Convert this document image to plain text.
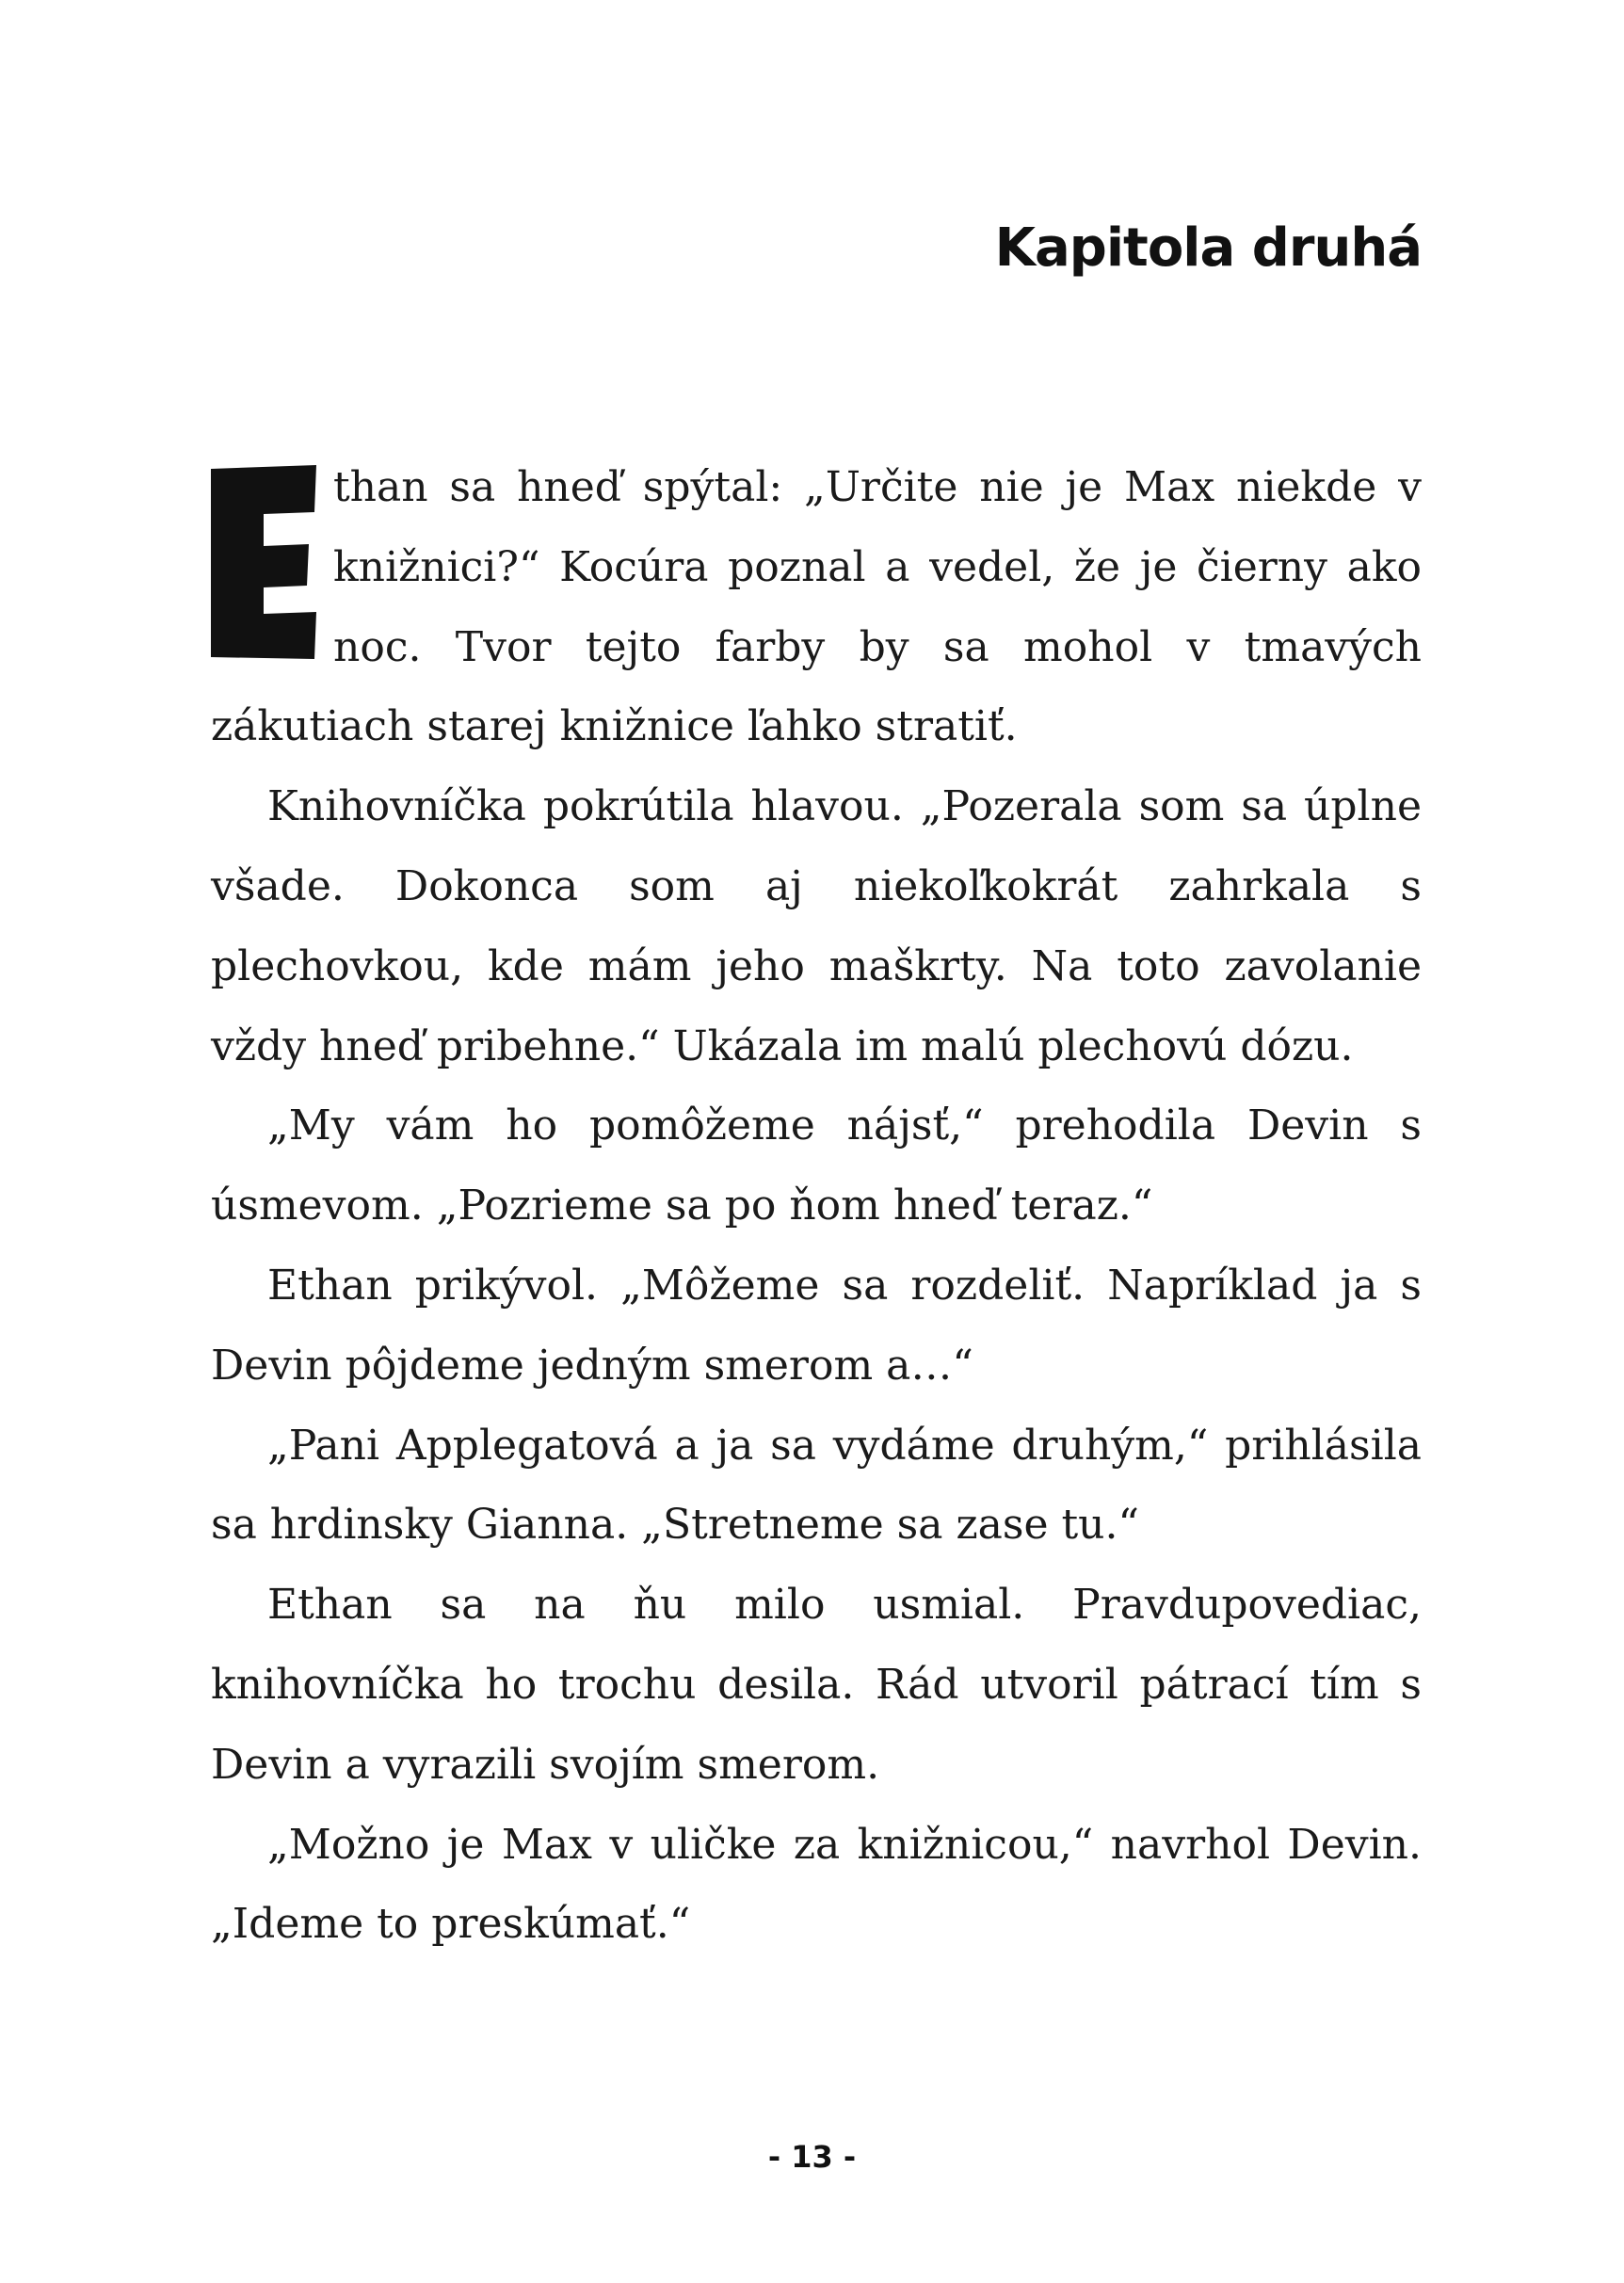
Kapitola druhá

than sa hneď spýtal: „Určite nie je Max niekde v knižnici?“ Kocúra poznal a vedel, že je čierny ako noc. Tvor tejto farby by sa mohol v tmavých zákutiach starej knižnice ľahko stratiť.

Knihovníčka pokrútila hlavou. „Pozerala som sa úplne všade. Dokonca som aj niekoľkokrát zahrkala s plechovkou, kde mám jeho maškrty. Na toto zavolanie vždy hneď pribehne.“ Ukázala im malú plechovú dózu.

„My vám ho pomôžeme nájsť,“ prehodila Devin s úsmevom. „Pozrieme sa po ňom hneď teraz.“

Ethan prikývol. „Môžeme sa rozdeliť. Napríklad ja s Devin pôjdeme jedným smerom a…“

„Pani Applegatová a ja sa vydáme druhým,“ prihlásila sa hrdinsky Gianna. „Stretneme sa zase tu.“

Ethan sa na ňu milo usmial. Pravdupovediac, knihovníčka ho trochu desila. Rád utvoril pátrací tím s Devin a vyrazili svojím smerom.

„Možno je Max v uličke za knižnicou,“ navrhol Devin. „Ideme to preskúmať.“

- 13 -
